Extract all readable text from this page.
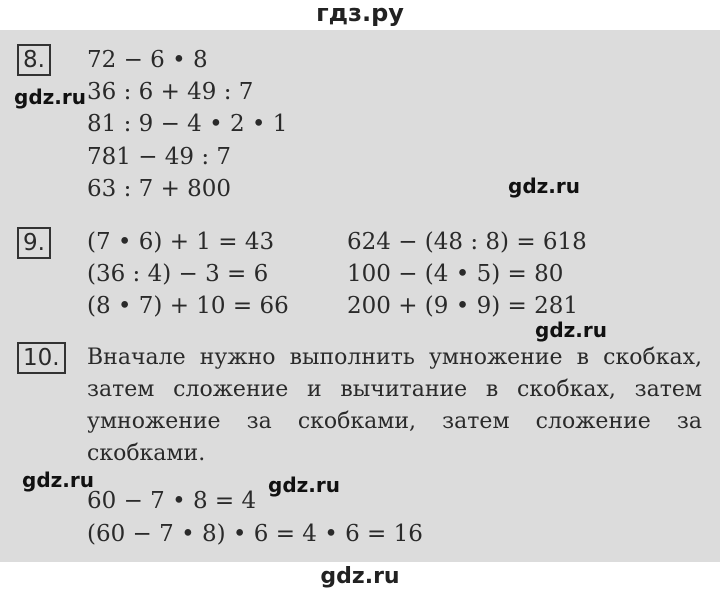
гдз.ру
8. 72 − 6 • 8
36 : 6 + 49 : 7
81 : 9 − 4 • 2 • 1
781 − 49 : 7
63 : 7 + 800
9. (7 • 6) + 1 = 43
(36 : 4) − 3 = 6
(8 • 7) + 10 = 66
624 − (48 : 8) = 618
100 − (4 • 5) = 80
200 + (9 • 9) = 281
10. Вначале нужно выполнить умножение в скобках, затем сложение и вычитание в скобках, затем умножение за скобками, затем сложение за скобками.
60 − 7 • 8 = 4
(60 − 7 • 8) • 6 = 4 • 6 = 16
gdz.ru
gdz.ru
gdz.ru
gdz.ru	gdz.ru
gdz.ru
